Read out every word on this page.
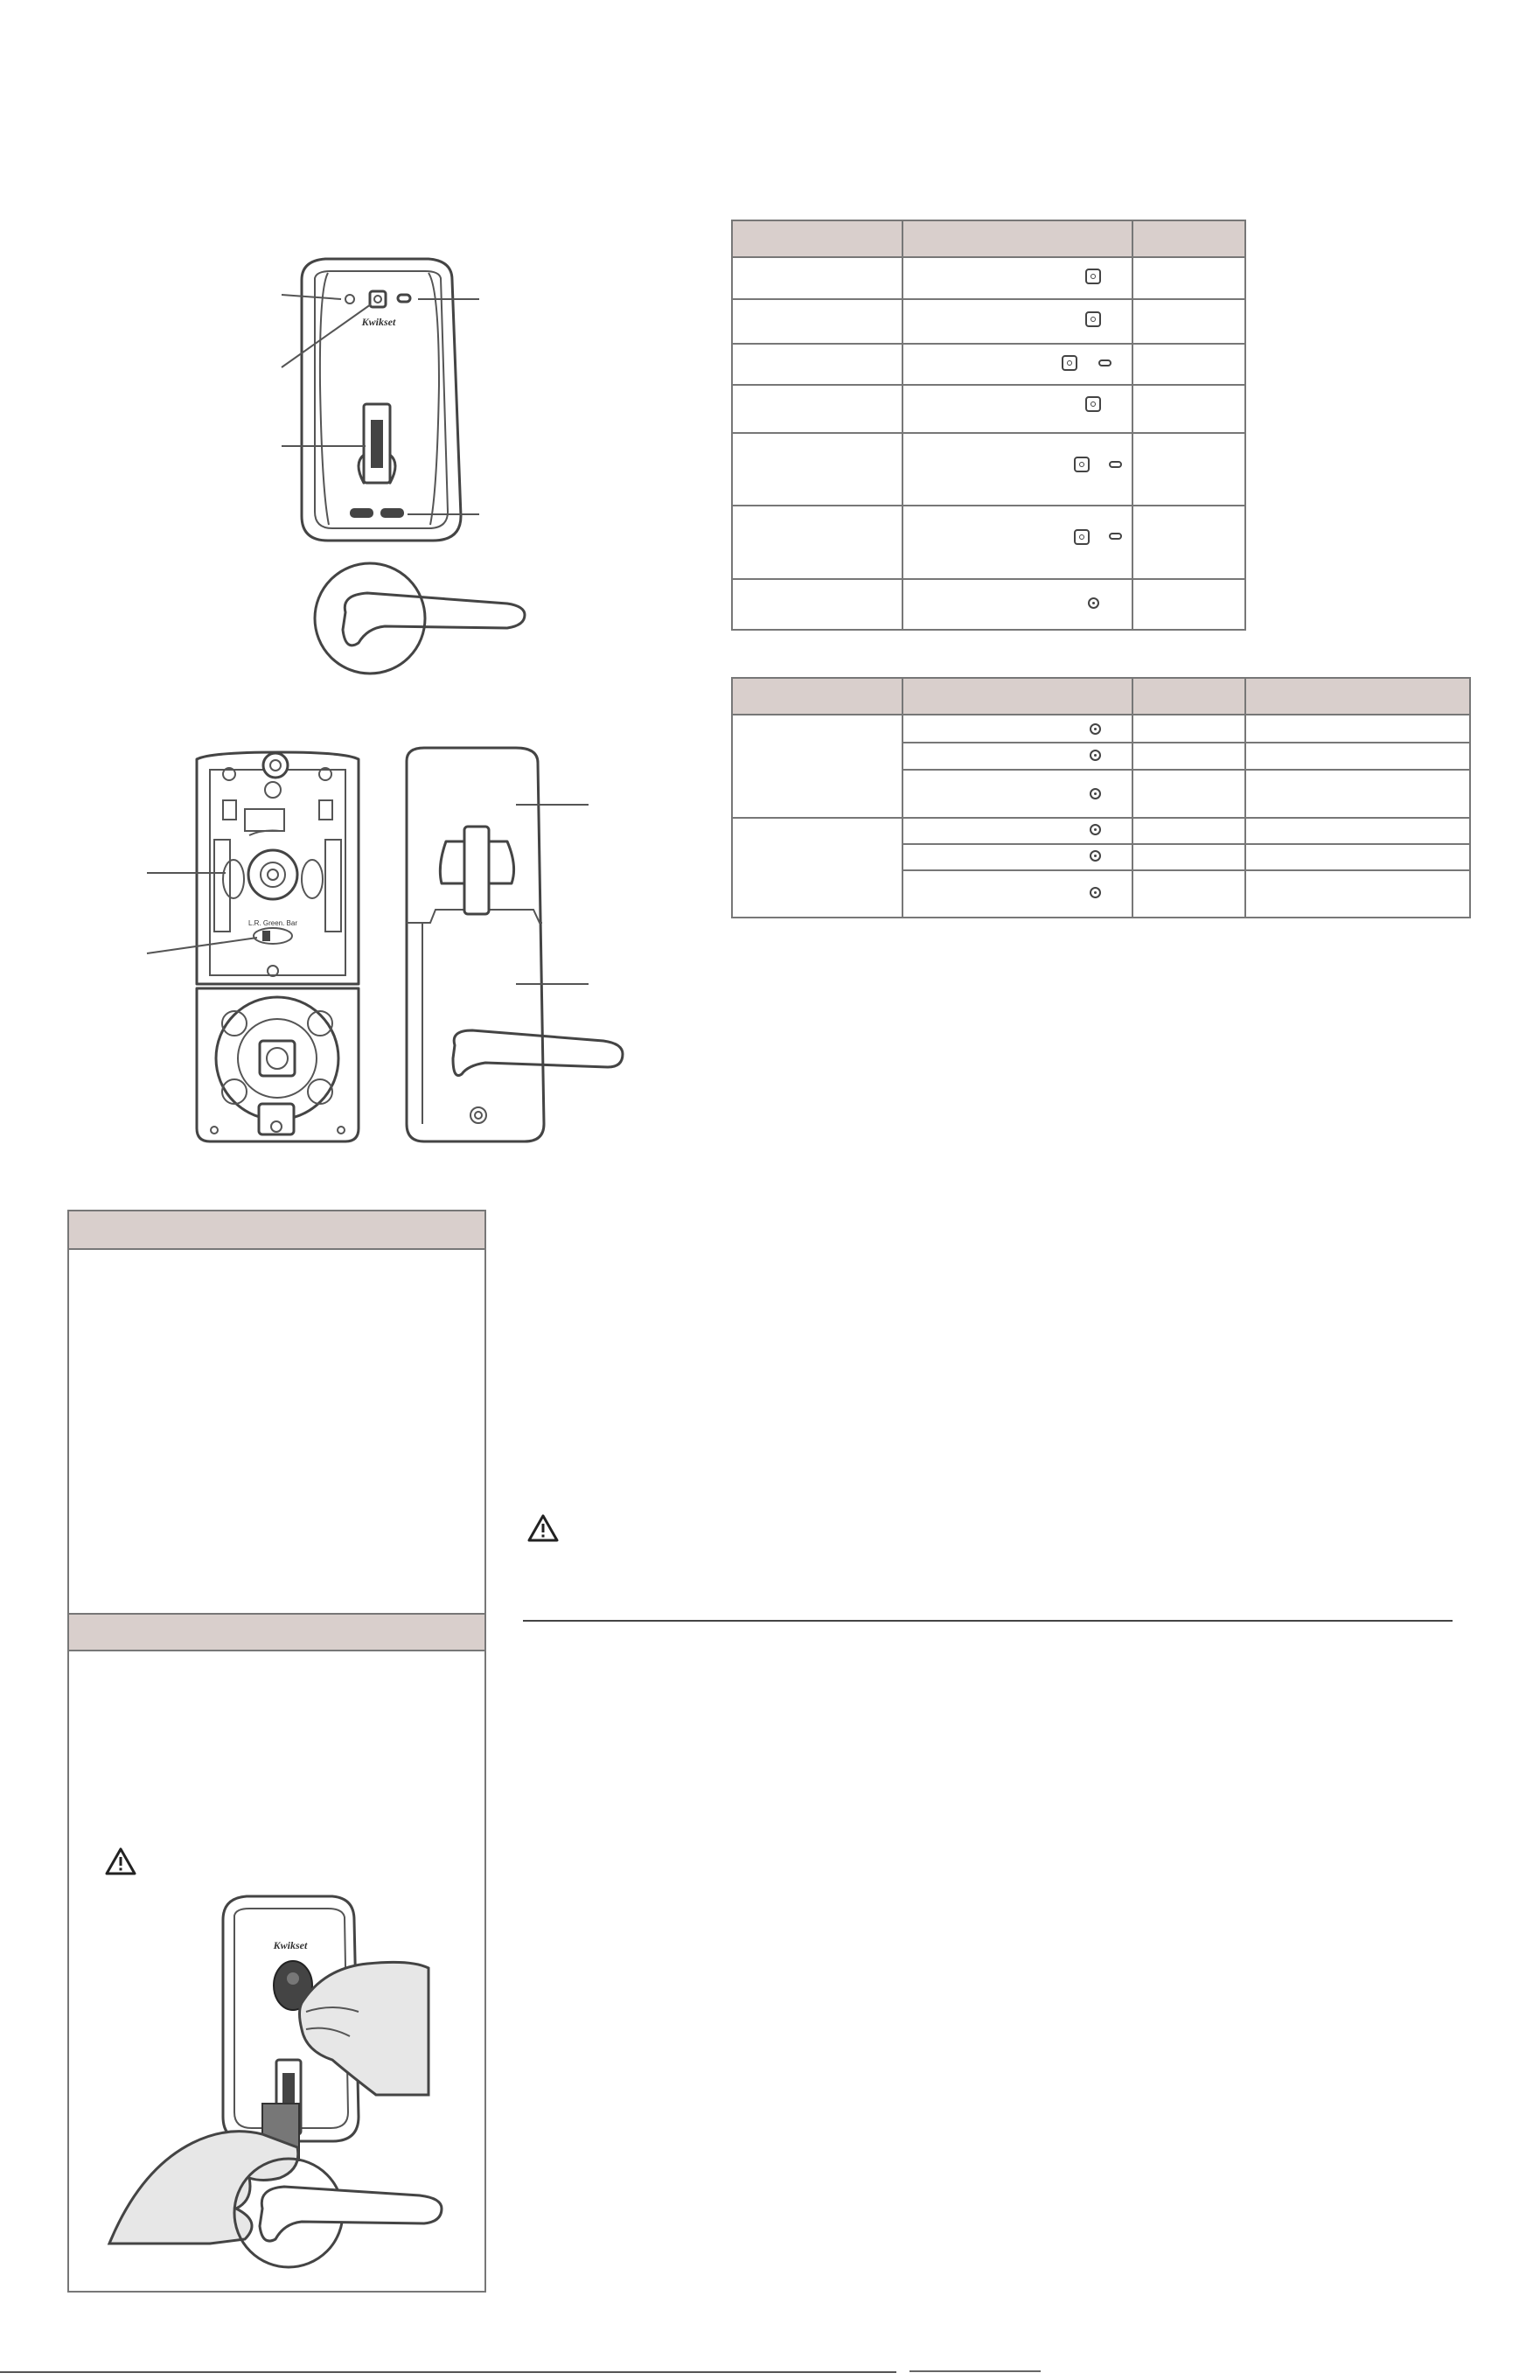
Kwikset
L.R. Green. Bar
Kwikset
